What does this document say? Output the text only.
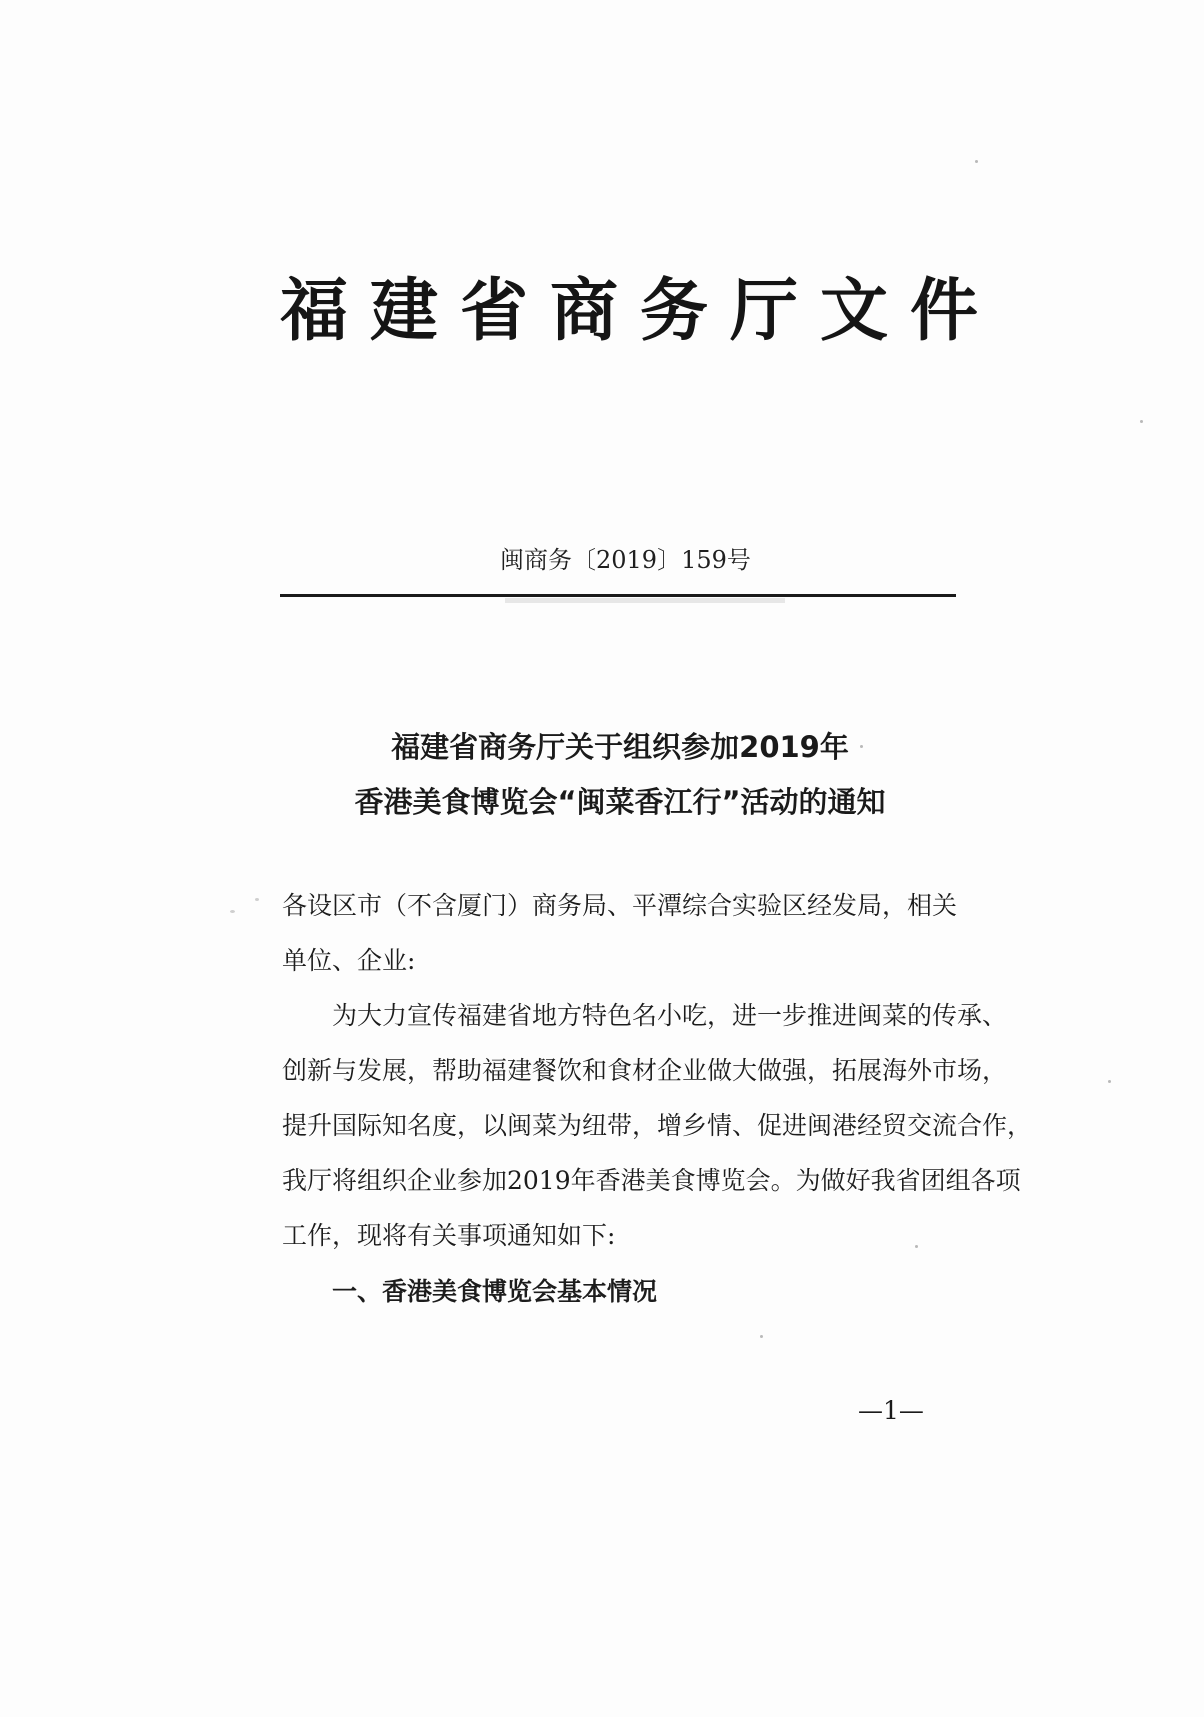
福建省商务厅文件
闽商务〔2019〕159号
福建省商务厅关于组织参加2019年
香港美食博览会“闽菜香江行”活动的通知
各设区市（不含厦门）商务局、平潭综合实验区经发局，相关
单位、企业:
　　为大力宣传福建省地方特色名小吃，进一步推进闽菜的传承、
创新与发展，帮助福建餐饮和食材企业做大做强，拓展海外市场，
提升国际知名度，以闽菜为纽带，增乡情、促进闽港经贸交流合作，
我厅将组织企业参加2019年香港美食博览会。为做好我省团组各项
工作，现将有关事项通知如下:
　　一、香港美食博览会基本情况
—1—
